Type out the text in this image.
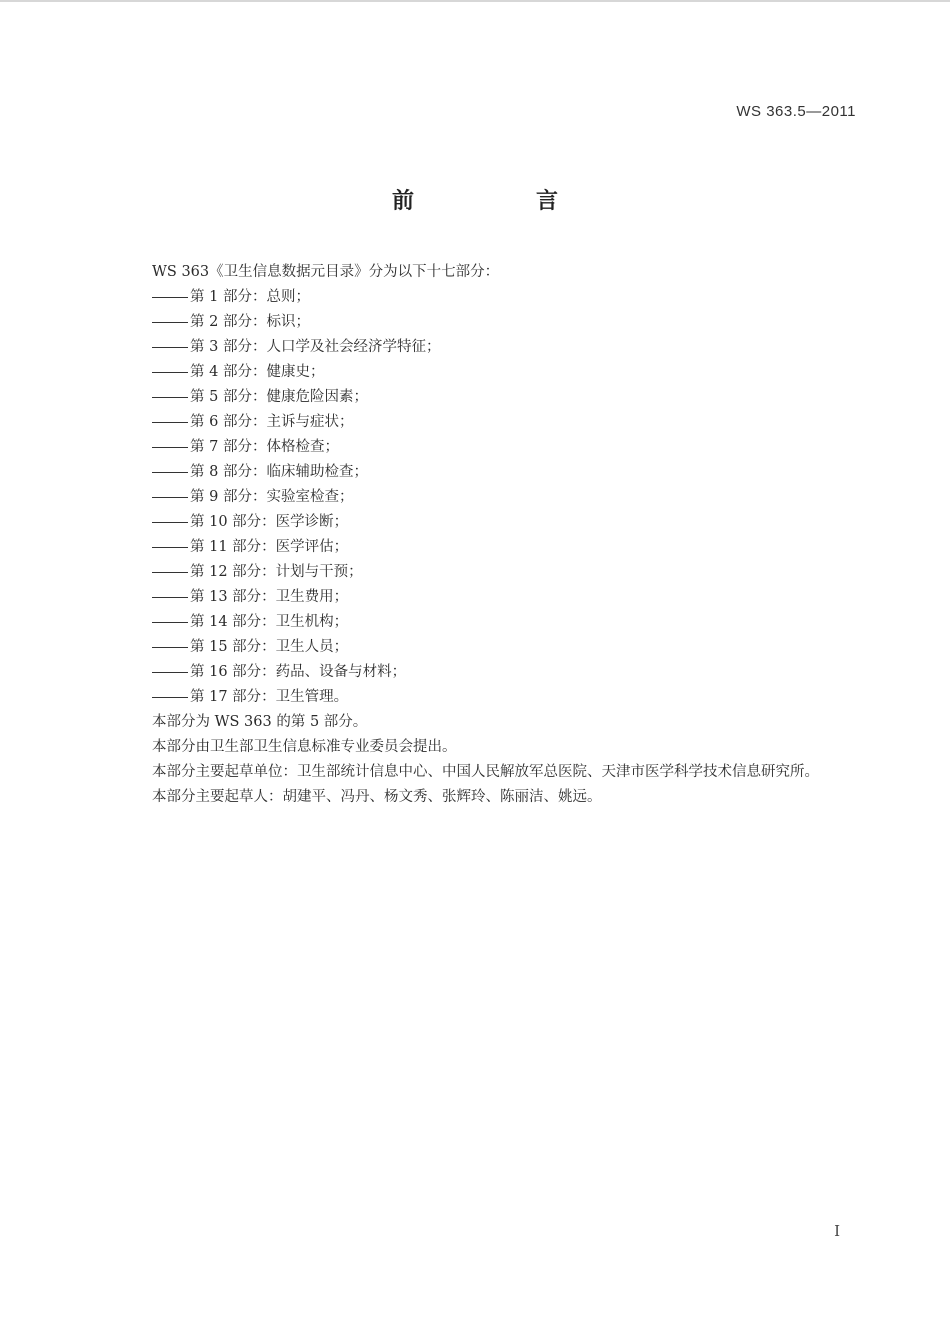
WS 363.5—2011
前　言

WS 363《卫生信息数据元目录》分为以下十七部分：

第 1 部分：总则；
第 2 部分：标识；
第 3 部分：人口学及社会经济学特征；
第 4 部分：健康史；
第 5 部分：健康危险因素；
第 6 部分：主诉与症状；
第 7 部分：体格检查；
第 8 部分：临床辅助检查；
第 9 部分：实验室检查；
第 10 部分：医学诊断；
第 11 部分：医学评估；
第 12 部分：计划与干预；
第 13 部分：卫生费用；
第 14 部分：卫生机构；
第 15 部分：卫生人员；
第 16 部分：药品、设备与材料；
第 17 部分：卫生管理。

本部分为 WS 363 的第 5 部分。

本部分由卫生部卫生信息标准专业委员会提出。

本部分主要起草单位：卫生部统计信息中心、中国人民解放军总医院、天津市医学科学技术信息研究所。

本部分主要起草人：胡建平、冯丹、杨文秀、张辉玲、陈丽洁、姚远。

I
